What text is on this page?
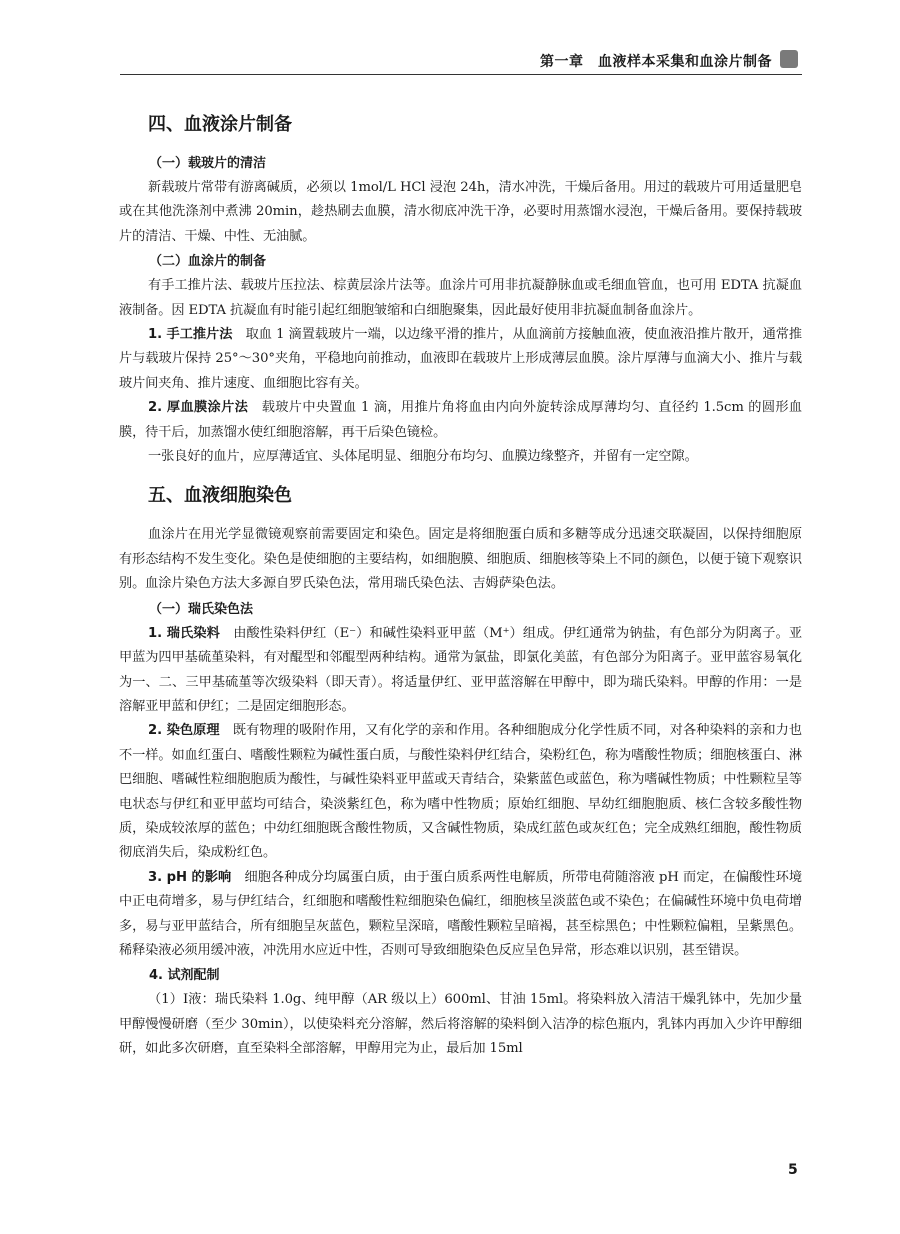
第一章　血液样本采集和血涂片制备
四、血液涂片制备
（一）载玻片的清洁

新载玻片常带有游离碱质，必须以 1mol/L HCl 浸泡 24h，清水冲洗，干燥后备用。用过的载玻片可用适量肥皂或在其他洗涤剂中煮沸 20min，趁热刷去血膜，清水彻底冲洗干净，必要时用蒸馏水浸泡，干燥后备用。要保持载玻片的清洁、干燥、中性、无油腻。

（二）血涂片的制备

有手工推片法、载玻片压拉法、棕黄层涂片法等。血涂片可用非抗凝静脉血或毛细血管血，也可用 EDTA 抗凝血液制备。因 EDTA 抗凝血有时能引起红细胞皱缩和白细胞聚集，因此最好使用非抗凝血制备血涂片。

1. 手工推片法　取血 1 滴置载玻片一端，以边缘平滑的推片，从血滴前方接触血液，使血液沿推片散开，通常推片与载玻片保持 25°～30°夹角，平稳地向前推动，血液即在载玻片上形成薄层血膜。涂片厚薄与血滴大小、推片与载玻片间夹角、推片速度、血细胞比容有关。

2. 厚血膜涂片法　载玻片中央置血 1 滴，用推片角将血由内向外旋转涂成厚薄均匀、直径约 1.5cm 的圆形血膜，待干后，加蒸馏水使红细胞溶解，再干后染色镜检。

一张良好的血片，应厚薄适宜、头体尾明显、细胞分布均匀、血膜边缘整齐，并留有一定空隙。

五、血液细胞染色

血涂片在用光学显微镜观察前需要固定和染色。固定是将细胞蛋白质和多糖等成分迅速交联凝固，以保持细胞原有形态结构不发生变化。染色是使细胞的主要结构，如细胞膜、细胞质、细胞核等染上不同的颜色，以便于镜下观察识别。血涂片染色方法大多源自罗氏染色法，常用瑞氏染色法、吉姆萨染色法。

（一）瑞氏染色法

1. 瑞氏染料　由酸性染料伊红（E⁻）和碱性染料亚甲蓝（M⁺）组成。伊红通常为钠盐，有色部分为阴离子。亚甲蓝为四甲基硫堇染料，有对醌型和邻醌型两种结构。通常为氯盐，即氯化美蓝，有色部分为阳离子。亚甲蓝容易氧化为一、二、三甲基硫堇等次级染料（即天青）。将适量伊红、亚甲蓝溶解在甲醇中，即为瑞氏染料。甲醇的作用：一是溶解亚甲蓝和伊红；二是固定细胞形态。

2. 染色原理　既有物理的吸附作用，又有化学的亲和作用。各种细胞成分化学性质不同，对各种染料的亲和力也不一样。如血红蛋白、嗜酸性颗粒为碱性蛋白质，与酸性染料伊红结合，染粉红色，称为嗜酸性物质；细胞核蛋白、淋巴细胞、嗜碱性粒细胞胞质为酸性，与碱性染料亚甲蓝或天青结合，染紫蓝色或蓝色，称为嗜碱性物质；中性颗粒呈等电状态与伊红和亚甲蓝均可结合，染淡紫红色，称为嗜中性物质；原始红细胞、早幼红细胞胞质、核仁含较多酸性物质，染成较浓厚的蓝色；中幼红细胞既含酸性物质，又含碱性物质，染成红蓝色或灰红色；完全成熟红细胞，酸性物质彻底消失后，染成粉红色。

3. pH 的影响　细胞各种成分均属蛋白质，由于蛋白质系两性电解质，所带电荷随溶液 pH 而定，在偏酸性环境中正电荷增多，易与伊红结合，红细胞和嗜酸性粒细胞染色偏红，细胞核呈淡蓝色或不染色；在偏碱性环境中负电荷增多，易与亚甲蓝结合，所有细胞呈灰蓝色，颗粒呈深暗，嗜酸性颗粒呈暗褐，甚至棕黑色；中性颗粒偏粗，呈紫黑色。稀释染液必须用缓冲液，冲洗用水应近中性，否则可导致细胞染色反应呈色异常，形态难以识别，甚至错误。

4. 试剂配制

（1）Ⅰ液：瑞氏染料 1.0g、纯甲醇（AR 级以上）600ml、甘油 15ml。将染料放入清洁干燥乳钵中，先加少量甲醇慢慢研磨（至少 30min），以使染料充分溶解，然后将溶解的染料倒入洁净的棕色瓶内，乳钵内再加入少许甲醇细研，如此多次研磨，直至染料全部溶解，甲醇用完为止，最后加 15ml

5
